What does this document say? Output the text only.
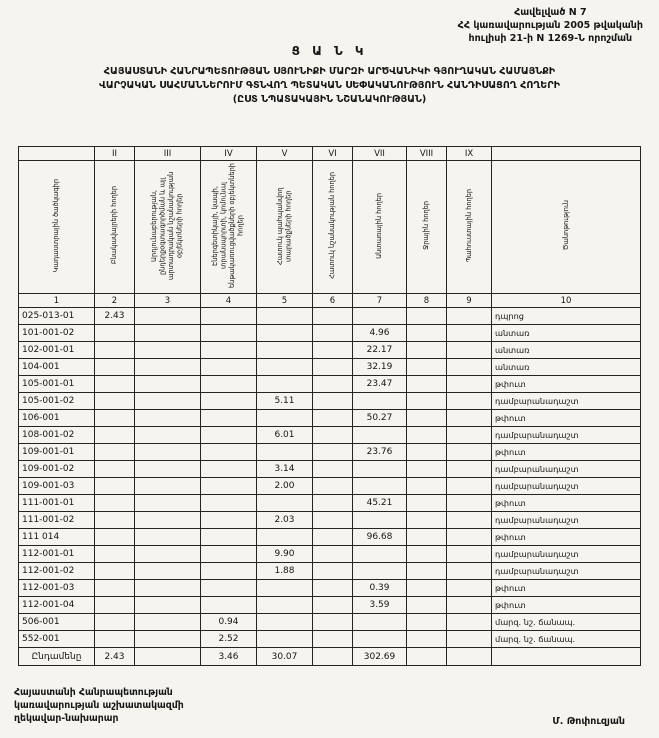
Հավելված N 7
ՀՀ կառավարության 2005 թվականի
հուլիսի 21-ի N 1269-Ն որոշման
Ց Ա Ն Կ
ՀԱՅԱՍՏԱՆԻ ՀԱՆՐԱՊԵՏՈՒԹՅԱՆ ՍՅՈՒՆԻՔԻ ՄԱՐԶԻ ԱՐԾՎԱՆԻԿԻ ԳՅՈՒՂԱԿԱՆ ՀԱՄԱՅՆՔԻ
ՎԱՐՉԱԿԱՆ ՍԱՀՄԱՆՆԵՐՈՒՄ ԳՏՆՎՈՂ ՊԵՏԱԿԱՆ ՍԵՓԱԿԱՆՈՒԹՅՈՒՆ ՀԱՆԴԻՍԱՑՈՂ ՀՈՂԵՐԻ
(ԸՍՏ ՆՊԱՏԱԿԱՅԻՆ ՆՇԱՆԱԿՈՒԹՅԱՆ)
	II	III	IV	V	VI	VII	VIII	IX	
Կադաստրային ծածկագիր	Բնակավայրերի հողեր	Արդյունաբերության, ընդերքօգտագործման և այլ արտադրական նշանակության օբյեկտների հողեր	Էներգետիկայի, կապի, տրանսպորտի, կոմունալ ենթակառուցվածքների օբյեկտների հողեր	Հատուկ պահպանվող տարածքների հողեր	Հատուկ նշանակության հողեր	Անտառային հողեր	Ջրային հողեր	Պահուստային հողեր	Ծանոթություն
1	2	3	4	5	6	7	8	9	10
025-013-01	2.43								դպրոց
101-001-02						4.96			անտառ
102-001-01						22.17			անտառ
104-001						32.19			անտառ
105-001-01						23.47			թփուտ
105-001-02				5.11					դամբարանադաշտ
106-001						50.27			թփուտ
108-001-02				6.01					դամբարանադաշտ
109-001-01						23.76			թփուտ
109-001-02				3.14					դամբարանադաշտ
109-001-03				2.00					դամբարանադաշտ
111-001-01						45.21			թփուտ
111-001-02				2.03					դամբարանադաշտ
111 014						96.68			թփուտ
112-001-01				9.90					դամբարանադաշտ
112-001-02				1.88					դամբարանադաշտ
112-001-03						0.39			թփուտ
112-001-04						3.59			թփուտ
506-001			0.94						մարզ. նշ. ճանապ.
552-001			2.52						մարզ. նշ. ճանապ.
Ընդամենը	2.43		3.46	30.07		302.69			
Հայաստանի Հանրապետության
կառավարության աշխատակազմի
ղեկավար-նախարար	Մ. Թոփուզյան
